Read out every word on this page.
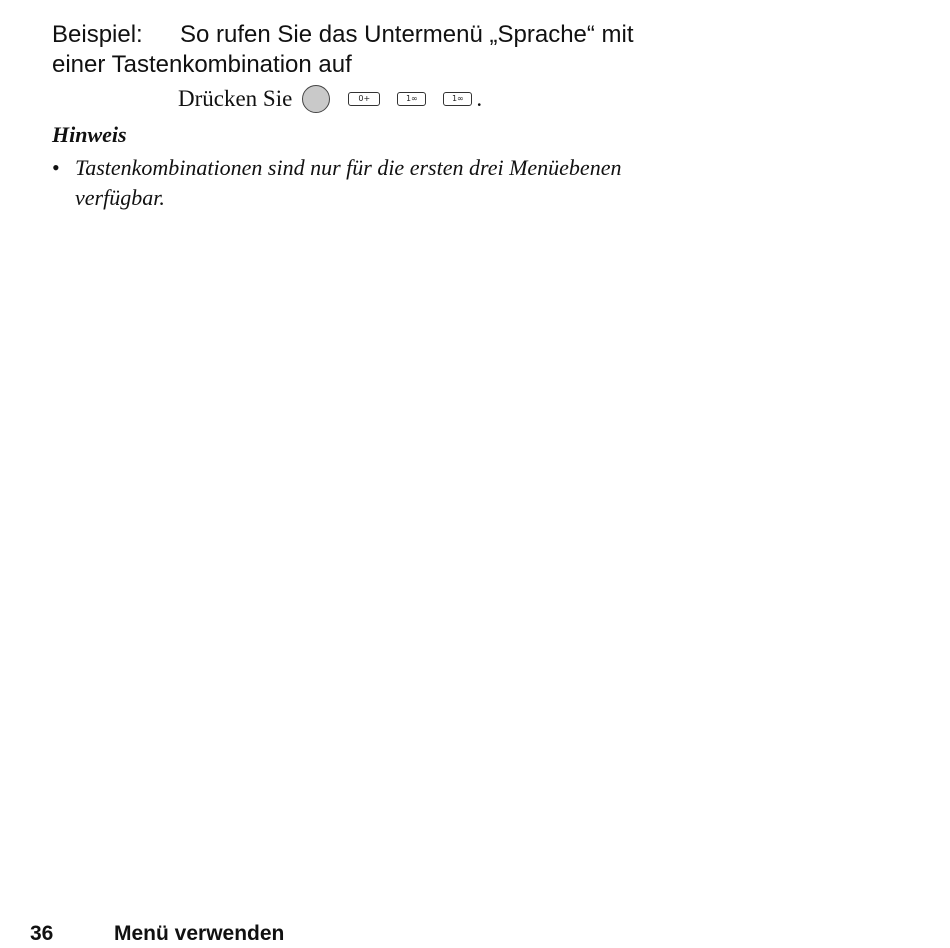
Beispiel: So rufen Sie das Untermenü „Sprache“ mit
einer Tastenkombination auf
Drücken Sie	0+	1∞	1∞ .
Hinweis
• Tastenkombinationen sind nur für die ersten drei Menüebenen verfügbar.
36	Menü verwenden
